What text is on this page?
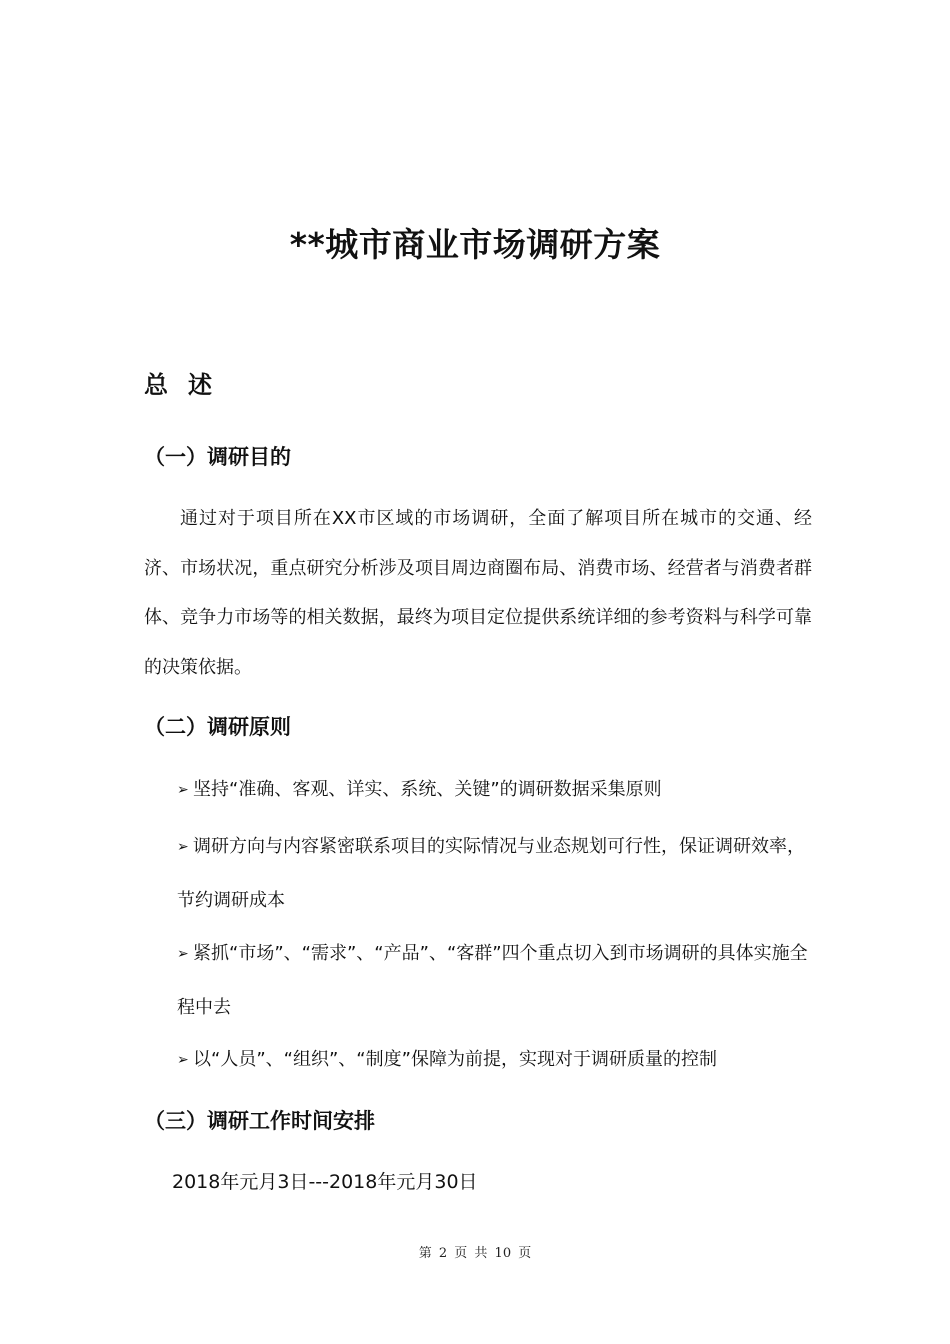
**城市商业市场调研方案
总述
（一）调研目的
通过对于项目所在XX市区域的市场调研，全面了解项目所在城市的交通、经济、市场状况，重点研究分析涉及项目周边商圈布局、消费市场、经营者与消费者群体、竞争力市场等的相关数据，最终为项目定位提供系统详细的参考资料与科学可靠的决策依据。
（二）调研原则
➢ 坚持“准确、客观、详实、系统、关键”的调研数据采集原则
➢ 调研方向与内容紧密联系项目的实际情况与业态规划可行性，保证调研效率，节约调研成本
➢ 紧抓“市场”、“需求”、“产品”、“客群”四个重点切入到市场调研的具体实施全程中去
➢ 以“人员”、“组织”、“制度”保障为前提，实现对于调研质量的控制
（三）调研工作时间安排
2018年元月3日---2018年元月30日
第 2 页 共 10 页
